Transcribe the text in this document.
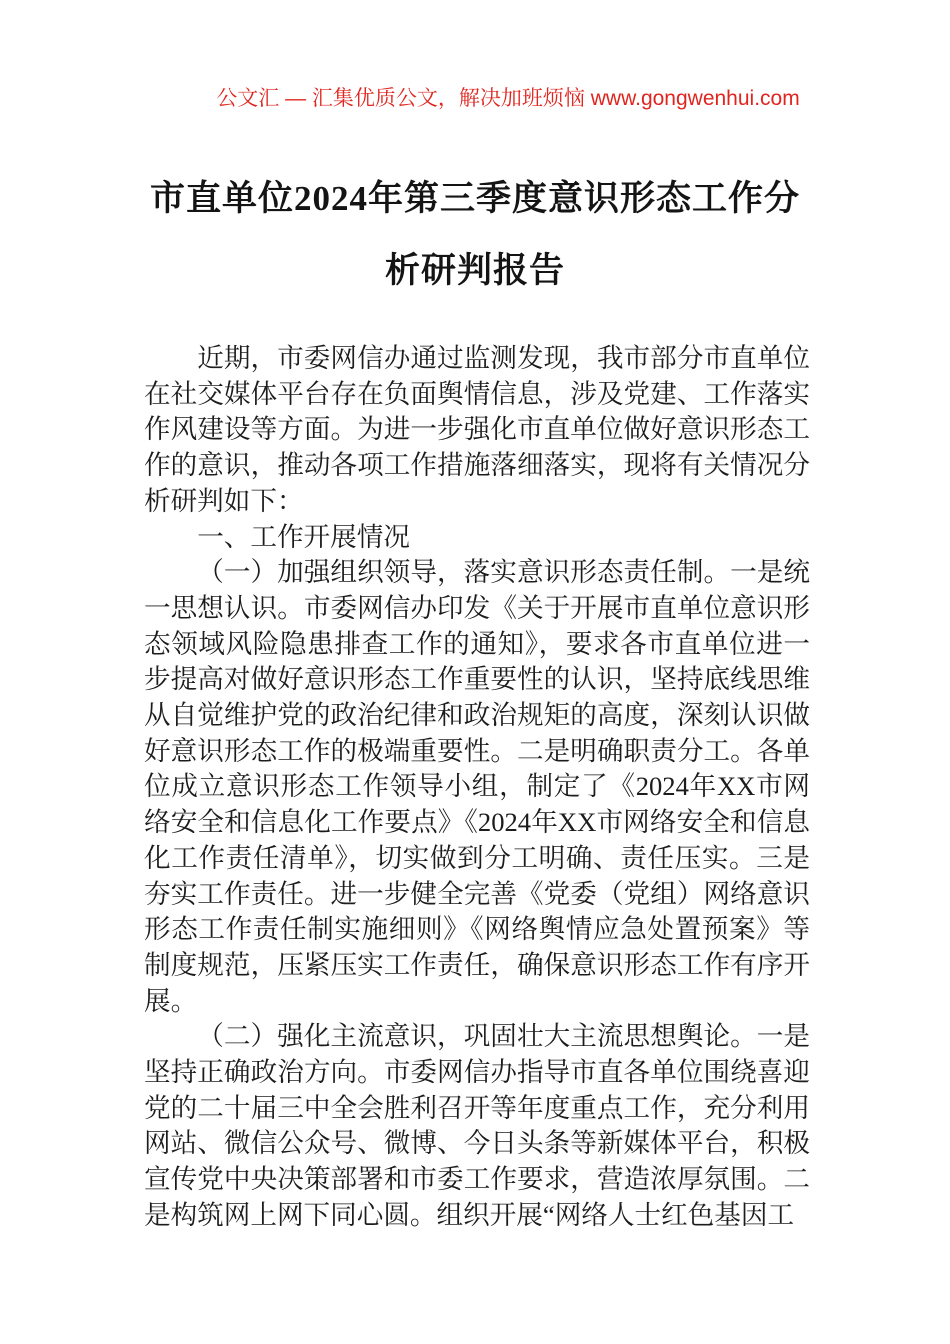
公文汇 — 汇集优质公文，解决加班烦恼 www.gongwenhui.com
市直单位2024年第三季度意识形态工作分
析研判报告

近期，市委网信办通过监测发现，我市部分市直单位在社交媒体平台存在负面舆情信息，涉及党建、工作落实作风建设等方面。为进一步强化市直单位做好意识形态工作的意识，推动各项工作措施落细落实，现将有关情况分析研判如下：

一、工作开展情况

（一）加强组织领导，落实意识形态责任制。一是统一思想认识。市委网信办印发《关于开展市直单位意识形态领域风险隐患排查工作的通知》，要求各市直单位进一步提高对做好意识形态工作重要性的认识，坚持底线思维从自觉维护党的政治纪律和政治规矩的高度，深刻认识做好意识形态工作的极端重要性。二是明确职责分工。各单位成立意识形态工作领导小组，制定了《2024年XX市网络安全和信息化工作要点》《2024年XX市网络安全和信息化工作责任清单》，切实做到分工明确、责任压实。三是夯实工作责任。进一步健全完善《党委（党组）网络意识形态工作责任制实施细则》《网络舆情应急处置预案》等制度规范，压紧压实工作责任，确保意识形态工作有序开展。

（二）强化主流意识，巩固壮大主流思想舆论。一是坚持正确政治方向。市委网信办指导市直各单位围绕喜迎党的二十届三中全会胜利召开等年度重点工作，充分利用网站、微信公众号、微博、今日头条等新媒体平台，积极宣传党中央决策部署和市委工作要求，营造浓厚氛围。二是构筑网上网下同心圆。组织开展“网络人士红色基因工
